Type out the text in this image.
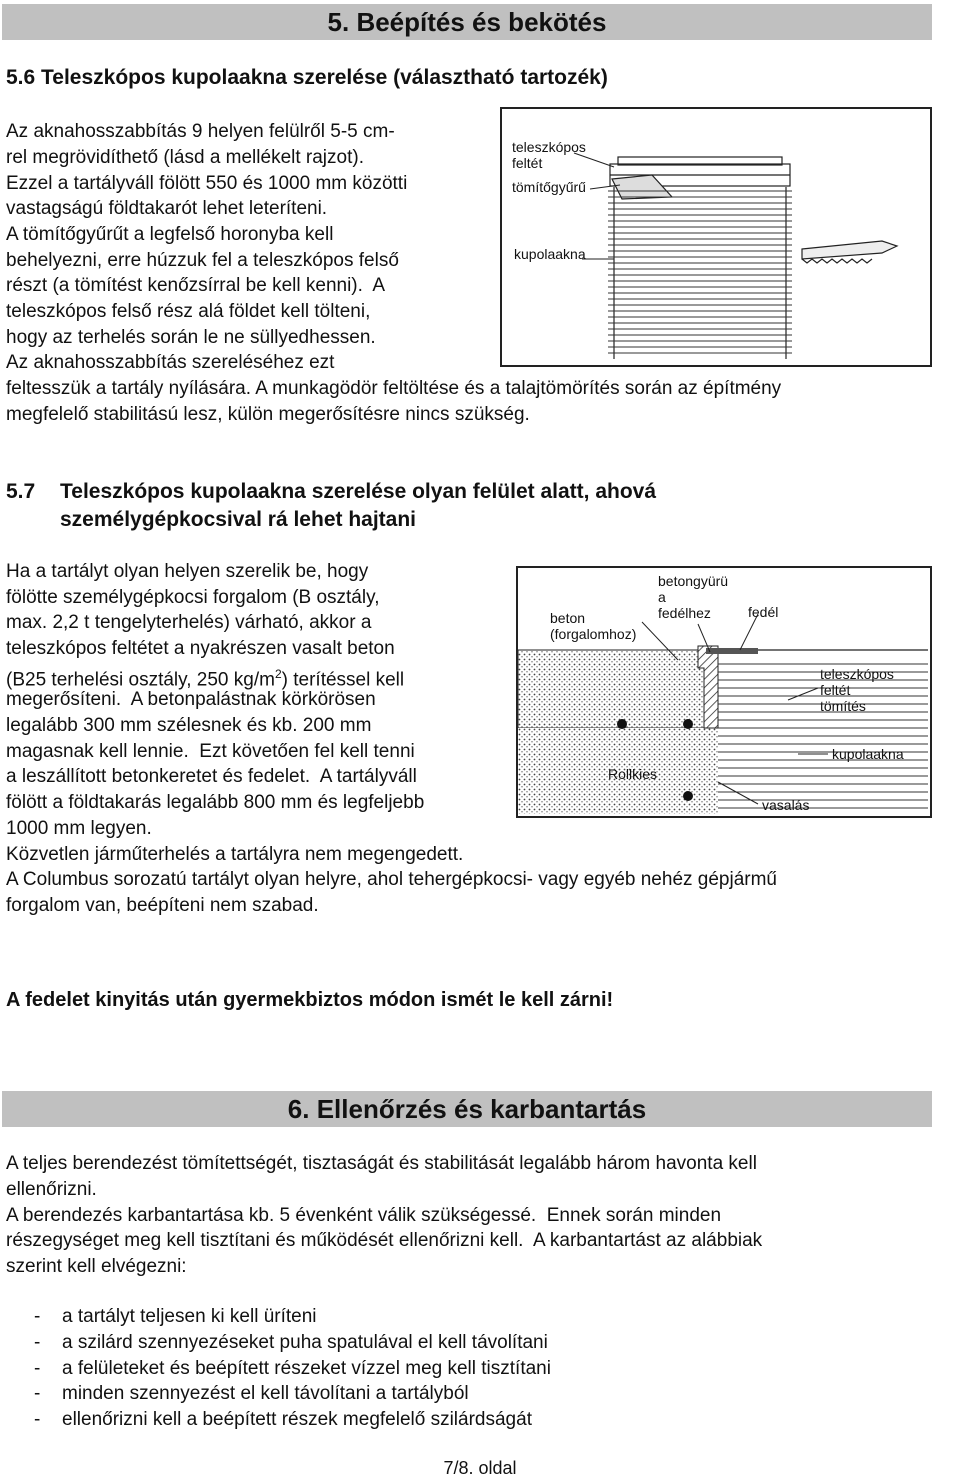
5. Beépítés és bekötés
5.6 Teleszkópos kupolaakna szerelése (választható tartozék)
Az aknahosszabbítás 9 helyen felülről 5-5 cm-
rel megrövidíthető (lásd a mellékelt rajzot).
Ezzel a tartályváll fölött 550 és 1000 mm közötti
vastagságú földtakarót lehet leteríteni.
A tömítőgyűrűt a legfelső horonyba kell
behelyezni, erre húzzuk fel a teleszkópos felső
részt (a tömítést kenőzsírral be kell kenni).  A
teleszkópos felső rész alá földet kell tölteni,
hogy az terhelés során le ne süllyedhessen.
Az aknahosszabbítás szereléséhez ezt
feltesszük a tartály nyílására. A munkagödör feltöltése és a talajtömörítés során az építmény
megfelelő stabilitású lesz, külön megerősítésre nincs szükség.
teleszkópos
feltét
tömítőgyűrű
kupolaakna
5.7 Teleszkópos kupolaakna szerelése olyan felület alatt, ahová
személygépkocsival rá lehet hajtani
Ha a tartályt olyan helyen szerelik be, hogy
fölötte személygépkocsi forgalom (B osztály,
max. 2,2 t tengelyterhelés) várható, akkor a
teleszkópos feltétet a nyakrészen vasalt beton
(B25 terhelési osztály, 250 $kg/m^2$) terítéssel kell
megerősíteni.  A betonpalástnak körkörösen
legalább 300 mm szélesnek és kb. 200 mm
magasnak kell lennie.  Ezt követően fel kell tenni
a leszállított betonkeretet és fedelet.  A tartályváll
fölött a földtakarás legalább 800 mm és legfeljebb
1000 mm legyen.
Közvetlen járműterhelés a tartályra nem megengedett.
A Columbus sorozatú tartályt olyan helyre, ahol tehergépkocsi- vagy egyéb nehéz gépjármű
forgalom van, beépíteni nem szabad.
beton
(forgalomhoz)
betongyürü
a
fedélhez	fedél
teleszkópos
feltét
tömítés
kupolaakna
Rollkies
vasalás
A fedelet kinyitás után gyermekbiztos módon ismét le kell zárni!
6. Ellenőrzés és karbantartás
A teljes berendezést tömítettségét, tisztaságát és stabilitását legalább három havonta kell
ellenőrizni.
A berendezés karbantartása kb. 5 évenként válik szükségessé.  Ennek során minden
részegységet meg kell tisztítani és működését ellenőrizni kell.  A karbantartást az alábbiak
szerint kell elvégezni:
- a tartályt teljesen ki kell üríteni
- a szilárd szennyezéseket puha spatulával el kell távolítani
- a felületeket és beépített részeket vízzel meg kell tisztítani
- minden szennyezést el kell távolítani a tartályból
- ellenőrizni kell a beépített részek megfelelő szilárdságát
7/8. oldal
